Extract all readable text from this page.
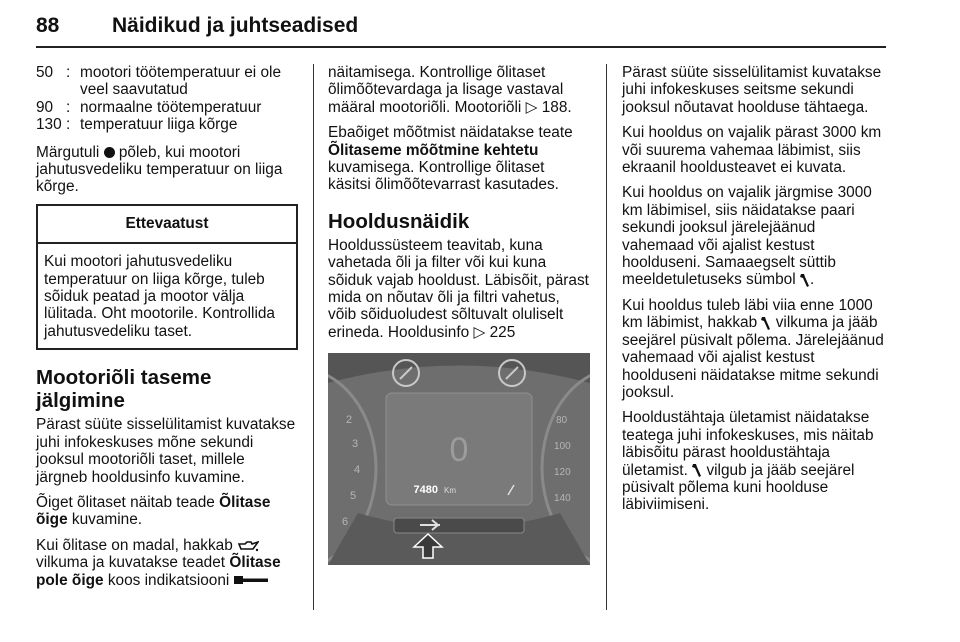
88	Näidikud ja juhtseadised
50 : mootori töötemperatuur ei ole veel saavutatud
90 : normaalne töötemperatuur
130 : temperatuur liiga kõrge

Märgutuli põleb, kui mootori jahutusvedeliku temperatuur on liiga kõrge.

Ettevaatust
Kui mootori jahutusvedeliku temperatuur on liiga kõrge, tuleb sõiduk peatad ja mootor välja lülitada. Oht mootorile. Kontrollida jahutusvedeliku taset.
Mootoriõli taseme jälgimine

Pärast süüte sisselülitamist kuvatakse juhi infokeskuses mõne sekundi jooksul mootoriõli taset, millele järgneb hooldusinfo kuvamine.

Õiget õlitaset näitab teade Õlitase õige kuvamine.

Kui õlitase on madal, hakkab  vilkuma ja kuvatakse teadet Õlitase pole õige koos indikatsiooni

näitamisega. Kontrollige õlitaset õlimõõtevardaga ja lisage vastaval määral mootoriõli. Mootoriõli ▷ 188.

Ebaõiget mõõtmist näidatakse teate Õlitaseme mõõtmine kehtetu kuvamisega. Kontrollige õlitaset käsitsi õlimõõtevarrast kasutades.

Hooldusnäidik

Hooldussüsteem teavitab, kuna vahetada õli ja filter või kui kuna sõiduk vajab hooldust. Läbisõit, pärast mida on nõutav õli ja filtri vahetus, võib sõiduoludest sõltuvalt oluliselt erineda. Hooldusinfo ▷ 225

2
3
4
5
6
80
100
120
140
0
7480 Km

Pärast süüte sisselülitamist kuvatakse juhi infokeskuses seitsme sekundi jooksul nõutavat hoolduse tähtaega.

Kui hooldus on vajalik pärast 3000 km või suurema vahemaa läbimist, siis ekraanil hooldusteavet ei kuvata.

Kui hooldus on vajalik järgmise 3000 km läbimisel, siis näidatakse paari sekundi jooksul järelejäänud vahemaad või ajalist kestust hoolduseni. Samaaegselt süttib meeldetuletuseks sümbol .

Kui hooldus tuleb läbi viia enne 1000 km läbimist, hakkab vilkuma ja jääb seejärel püsivalt põlema. Järelejäänud vahemaad või ajalist kestust hoolduseni näidatakse mitme sekundi jooksul.

Hooldustähtaja ületamist näidatakse teatega juhi infokeskuses, mis näitab läbisõitu pärast hooldustähtaja ületamist. vilgub ja jääb seejärel püsivalt põlema kuni hoolduse läbiviimiseni.
